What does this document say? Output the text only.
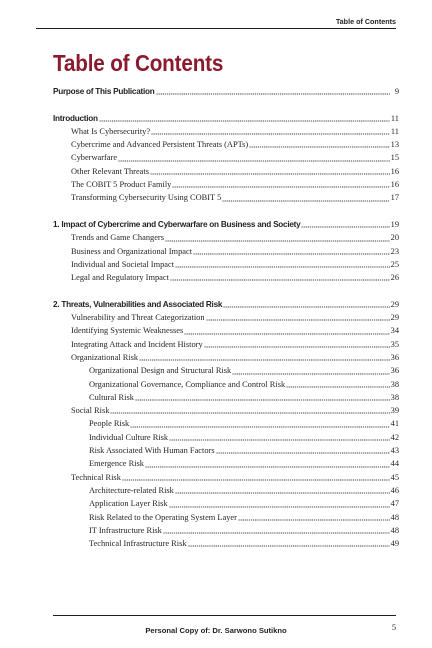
Table of Contents
Table of Contents
Purpose of This Publication	9
Introduction	11
What Is Cybersecurity?	11
Cybercrime and Advanced Persistent Threats (APTs)	13
Cyberwarfare	15
Other Relevant Threats	16
The COBIT 5 Product Family	16
Transforming Cybersecurity Using COBIT 5	17
1. Impact of Cybercrime and Cyberwarfare on Business and Society	19
Trends and Game Changers	20
Business and Organizational Impact	23
Individual and Societal Impact	25
Legal and Regulatory Impact	26
2. Threats, Vulnerabilities and Associated Risk	29
Vulnerability and Threat Categorization	29
Identifying Systemic Weaknesses	34
Integrating Attack and Incident History	35
Organizational Risk	36
Organizational Design and Structural Risk	36
Organizational Governance, Compliance and Control Risk	38
Cultural Risk	38
Social Risk	39
People Risk	41
Individual Culture Risk	42
Risk Associated With Human Factors	43
Emergence Risk	44
Technical Risk	45
Architecture-related Risk	46
Application Layer Risk	47
Risk Related to the Operating System Layer	48
IT Infrastructure Risk	48
Technical Infrastructure Risk	49
Personal Copy of: Dr. Sarwono Sutikno	5
